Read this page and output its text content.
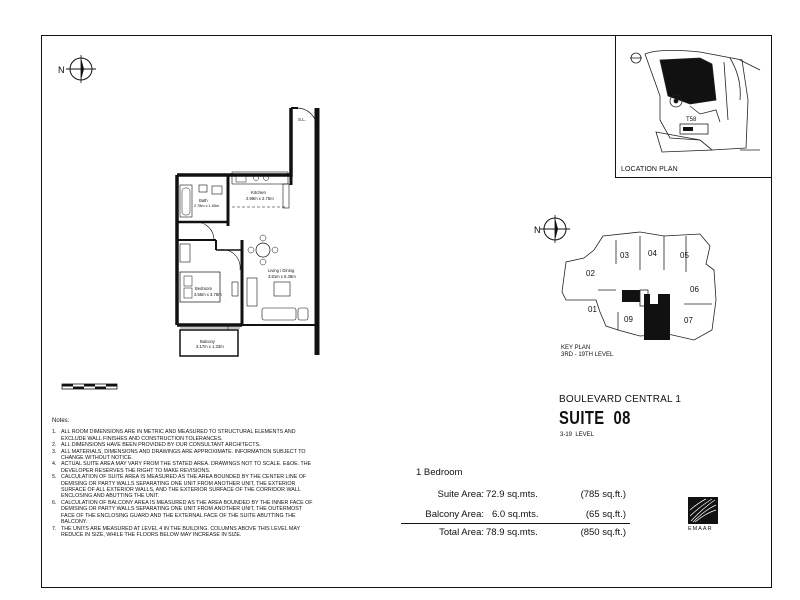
LOCATION PLAN
N
T58
S.L.
Kitchen
2.98m x 2.75m
Bath
2.78m x 1.65m
Living / Dining
3.81m x 5.39m
Bedroom
3.55m x 3.78m
Balcony
3.17m x 1.33m
N
03 04	05
02
06
01
09	07
KEY PLAN
3RD - 19TH LEVEL
Notes:
1. ALL ROOM DIMENSIONS ARE IN METRIC AND MEASURED TO STRUCTURAL ELEMENTS AND EXCLUDE WALL FINISHES AND CONSTRUCTION TOLERANCES.
2. ALL DIMENSIONS HAVE BEEN PROVIDED BY OUR CONSULTANT ARCHITECTS.
3. ALL MATERIALS, DIMENSIONS AND DRAWINGS ARE APPROXIMATE. INFORMATION SUBJECT TO CHANGE WITHOUT NOTICE.
4. ACTUAL SUITE AREA MAY VARY FROM THE STATED AREA. DRAWINGS NOT TO SCALE. E&OE. THE DEVELOPER RESERVES THE RIGHT TO MAKE REVISIONS.
5. CALCULATION OF SUITE AREA IS MEASURED AS THE AREA BOUNDED BY THE CENTER LINE OF DEMISING OR PARTY WALLS SEPARATING ONE UNIT FROM ANOTHER UNIT, THE EXTERIOR SURFACE OF ALL EXTERIOR WALLS, AND THE EXTERIOR SURFACE OF THE CORRIDOR WALL ENCLOSING AND ABUTTING THE UNIT.
6. CALCULATION OF BALCONY AREA IS MEASURED AS THE AREA BOUNDED BY THE INNER FACE OF DEMISING OR PARTY WALLS SEPARATING ONE UNIT FROM ANOTHER UNIT, THE OUTERMOST FACE OF THE ENCLOSING GUARD AND THE EXTERNAL FACE OF THE SUITE ABUTTING THE BALCONY.
7. THE UNITS ARE MEASURED AT LEVEL 4 IN THE BUILDING. COLUMNS ABOVE THIS LEVEL MAY REDUCE IN SIZE, WHILE THE FLOORS BELOW MAY INCREASE IN SIZE.
BOULEVARD CENTRAL 1
SUITE  08
3-19  LEVEL
1 Bedroom
Suite Area: 72.9 sq.mts.	(785 sq.ft.)
Balcony Area: 6.0 sq.mts.	(65 sq.ft.)
Total Area: 78.9 sq.mts.	(850 sq.ft.)	EMAAR
